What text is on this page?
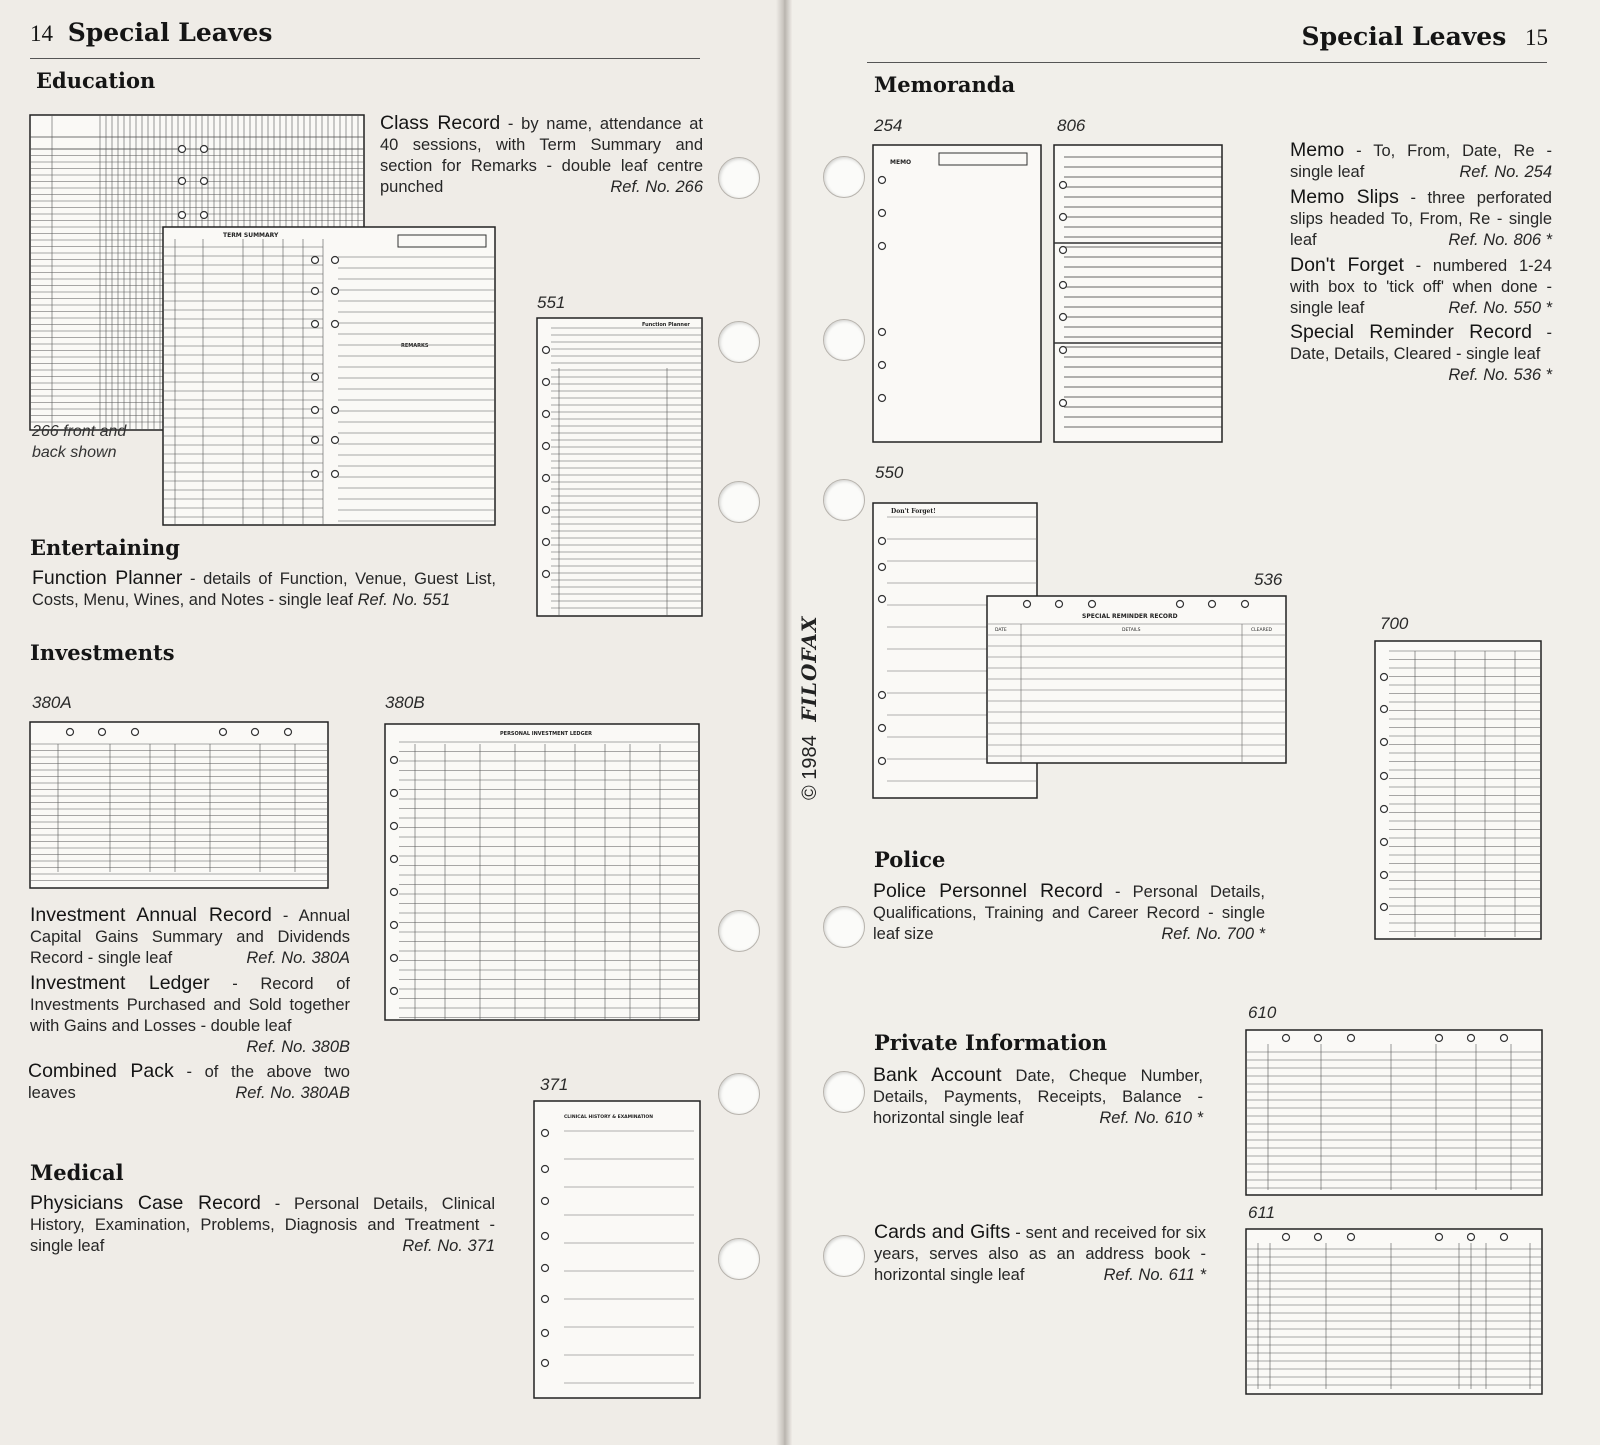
14 Special Leaves
Education
TERM SUMMARY
REMARKS
Class Record - by name, attendance at 40 sessions, with Term Summary and section for Remarks - double leaf centre punched	Ref. No. 266
266 front and back shown
551
Function Planner
Entertaining
Function Planner - details of Function, Venue, Guest List, Costs, Menu, Wines, and Notes - single leaf Ref. No. 551
Investments
380A	380B
PERSONAL INVESTMENT LEDGER
Investment Annual Record - Annual Capital Gains Summary and Dividends Record - single leaf	Ref. No. 380A
Investment Ledger - Record of Investments Purchased and Sold together with Gains and Losses - double leaf
Ref. No. 380B
Combined Pack - of the above two leaves	Ref. No. 380AB	371
CLINICAL HISTORY & EXAMINATION
Medical
Physicians Case Record - Personal Details, Clinical History, Examination, Problems, Diagnosis and Treatment - single leaf	Ref. No. 371
Special Leaves 15
Memoranda
254	806
MEMO
Memo - To, From, Date, Re - single leaf	Ref. No. 254
Memo Slips - three perforated slips headed To, From, Re - single leaf	Ref. No. 806 *
Don't Forget - numbered 1-24 with box to 'tick off' when done - single leaf	Ref. No. 550 *
Special Reminder Record - Date, Details, Cleared - single leaf
Ref. No. 536 *
550
Don't Forget!
536
SPECIAL REMINDER RECORD
DATE	DETAILS	CLEARED	700
Police
Police Personnel Record - Personal Details, Qualifications, Training and Career Record - single leaf size	Ref. No. 700 *
Private Information
610
Bank Account Date, Cheque Number, Details, Payments, Receipts, Balance - horizontal single leaf	Ref. No. 610 *
611
Cards and Gifts - sent and received for six years, serves also as an address book - horizontal single leaf	Ref. No. 611 *
© 1984 FILOFAX
